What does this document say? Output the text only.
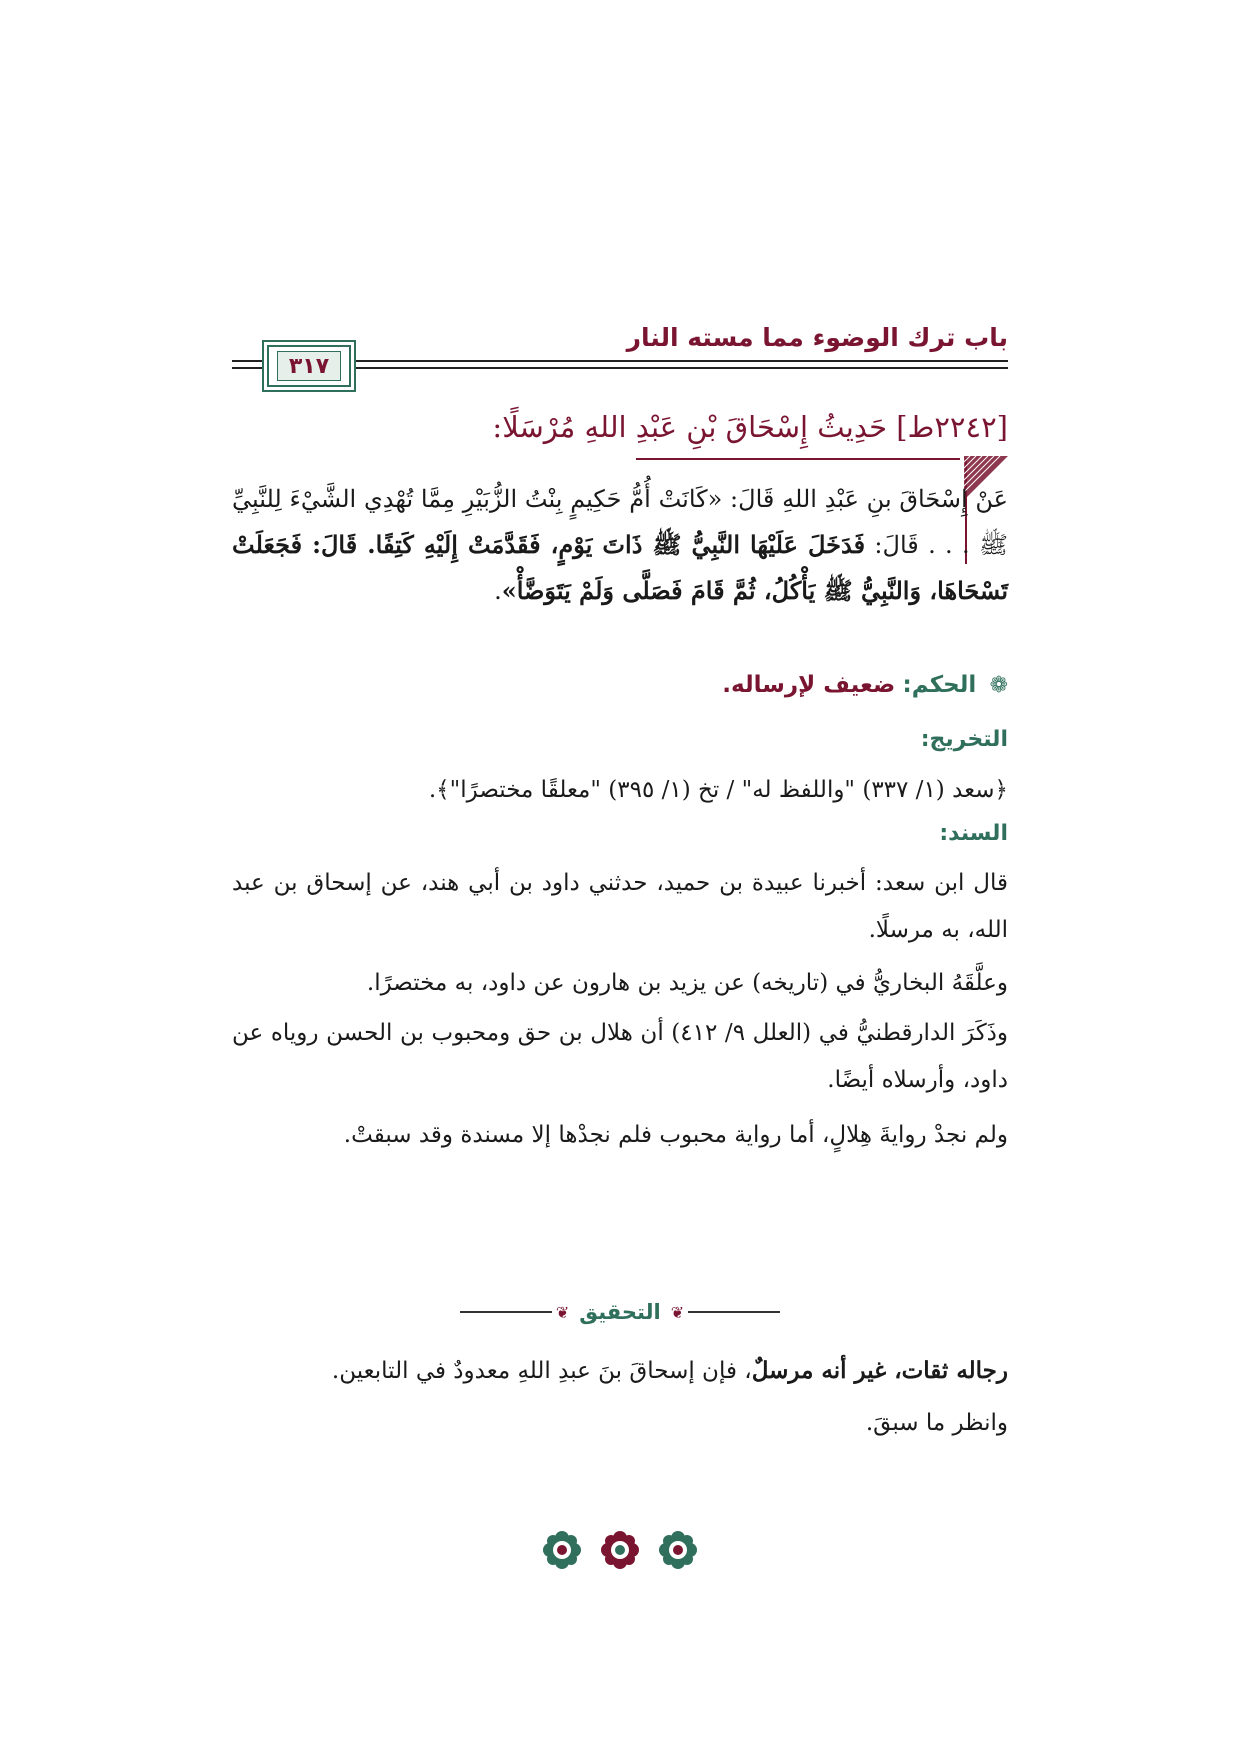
باب ترك الوضوء مما مسته النار
٣١٧
[٢٢٤٢ط] حَدِيثُ إِسْحَاقَ بْنِ عَبْدِ اللهِ مُرْسَلًا:
عَنْ إِسْحَاقَ بنِ عَبْدِ اللهِ قَالَ: «كَانَتْ أُمُّ حَكِيمٍ بِنْتُ الزُّبَيْرِ مِمَّا تُهْدِي الشَّيْءَ لِلنَّبِيِّ ﷺ . . . قَالَ: فَدَخَلَ عَلَيْهَا النَّبِيُّ ﷺ ذَاتَ يَوْمٍ، فَقَدَّمَتْ إِلَيْهِ كَتِفًا. قَالَ: فَجَعَلَتْ تَسْحَاهَا، وَالنَّبِيُّ ﷺ يَأْكُلُ، ثُمَّ قَامَ فَصَلَّى وَلَمْ يَتَوَضَّأْ».
❁ الحكم: ضعيف لإرساله.
التخريج:
﴿سعد (١/ ٣٣٧) "واللفظ له" / تخ (١/ ٣٩٥) "معلقًا مختصرًا"﴾.
السند:
قال ابن سعد: أخبرنا عبيدة بن حميد، حدثني داود بن أبي هند، عن إسحاق بن عبد الله، به مرسلًا.
وعلَّقَهُ البخاريُّ في (تاريخه) عن يزيد بن هارون عن داود، به مختصرًا.
وذَكَرَ الدارقطنيُّ في (العلل ٩/ ٤١٢) أن هلال بن حق ومحبوب بن الحسن روياه عن داود، وأرسلاه أيضًا.
ولم نجدْ روايةَ هِلالٍ، أما رواية محبوب فلم نجدْها إلا مسندة وقد سبقتْ.
❦
التحقيق
❦
رجاله ثقات، غير أنه مرسلٌ، فإن إسحاقَ بنَ عبدِ اللهِ معدودٌ في التابعين.
وانظر ما سبقَ.
